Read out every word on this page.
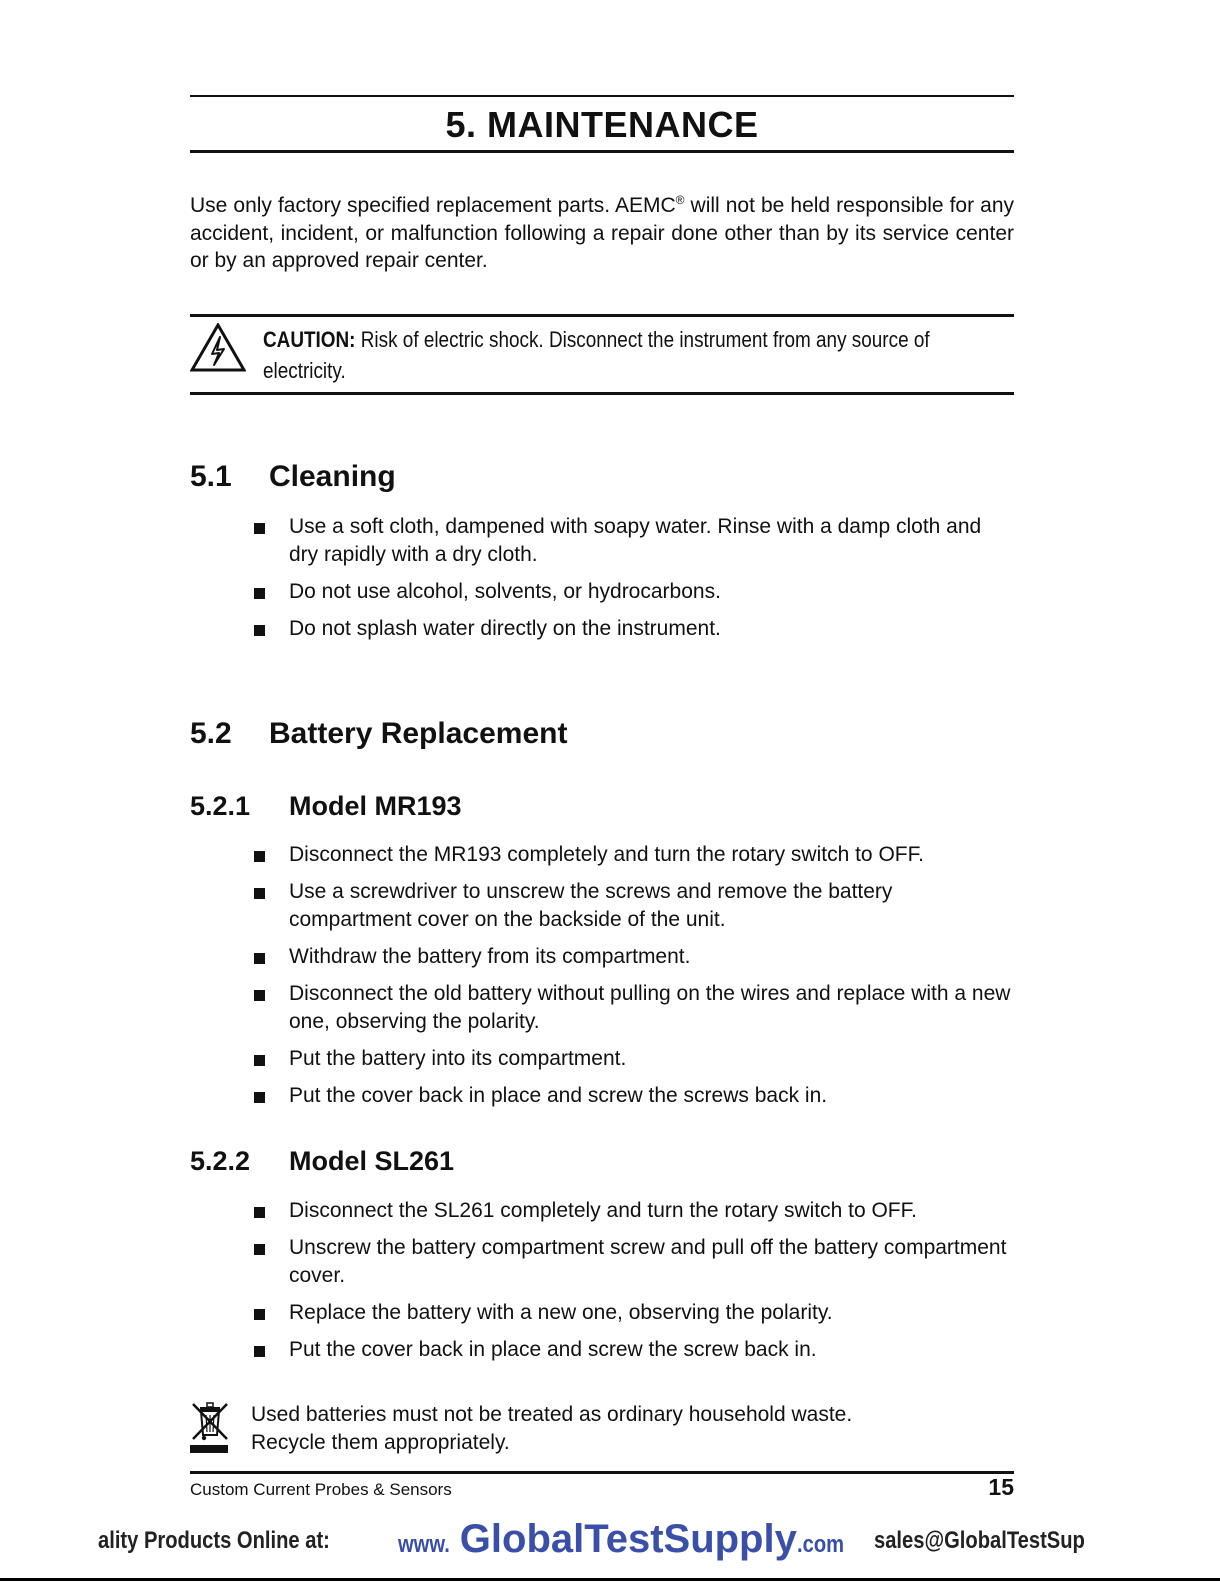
5. MAINTENANCE
Use only factory specified replacement parts. AEMC® will not be held responsible for any accident, incident, or malfunction following a repair done other than by its service center or by an approved repair center.
CAUTION: Risk of electric shock. Disconnect the instrument from any source of electricity.
5.1 Cleaning
Use a soft cloth, dampened with soapy water. Rinse with a damp cloth and dry rapidly with a dry cloth.
Do not use alcohol, solvents, or hydrocarbons.
Do not splash water directly on the instrument.
5.2 Battery Replacement
5.2.1 Model MR193
Disconnect the MR193 completely and turn the rotary switch to OFF.
Use a screwdriver to unscrew the screws and remove the battery compartment cover on the backside of the unit.
Withdraw the battery from its compartment.
Disconnect the old battery without pulling on the wires and replace with a new one, observing the polarity.
Put the battery into its compartment.
Put the cover back in place and screw the screws back in.
5.2.2 Model SL261
Disconnect the SL261 completely and turn the rotary switch to OFF.
Unscrew the battery compartment screw and pull off the battery compartment cover.
Replace the battery with a new one, observing the polarity.
Put the cover back in place and screw the screw back in.
Used batteries must not be treated as ordinary household waste.
Recycle them appropriately.
Custom Current Probes & Sensors	15
ality Products Online at:	www. GlobalTestSupply.com	sales@GlobalTestSup
